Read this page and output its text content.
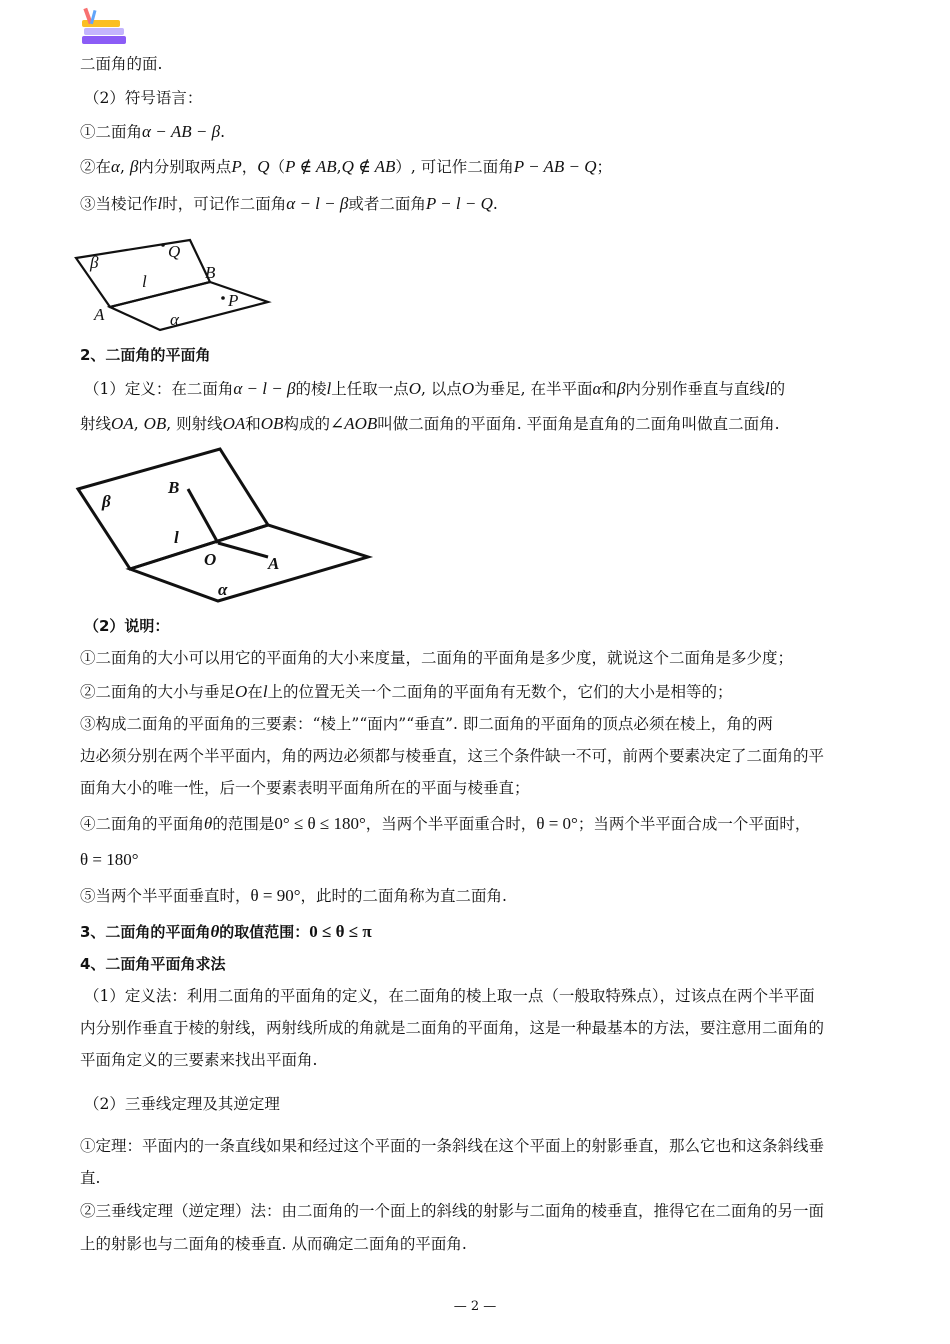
二面角的面.
（2）符号语言：
①二面角α − AB − β.
②在α, β内分别取两点P，Q（P ∉ AB,Q ∉ AB）, 可记作二面角P − AB − Q；
③当棱记作l时，可记作二面角α − l − β或者二面角P − l − Q.
β
Q
B
l
P
A	α
2、二面角的平面角
（1）定义：在二面角α − l − β的棱l上任取一点O, 以点O为垂足, 在半平面α和β内分别作垂直与直线l的
射线OA, OB, 则射线OA和OB构成的∠AOB叫做二面角的平面角. 平面角是直角的二面角叫做直二面角.
β
B
l
O	A
α
（2）说明：
①二面角的大小可以用它的平面角的大小来度量，二面角的平面角是多少度，就说这个二面角是多少度；
②二面角的大小与垂足O在l上的位置无关一个二面角的平面角有无数个，它们的大小是相等的；
③构成二面角的平面角的三要素：“棱上”“面内”“垂直”. 即二面角的平面角的顶点必须在棱上，角的两
边必须分别在两个半平面内，角的两边必须都与棱垂直，这三个条件缺一不可，前两个要素决定了二面角的平
面角大小的唯一性，后一个要素表明平面角所在的平面与棱垂直；
④二面角的平面角θ的范围是0° ≤ θ ≤ 180°，当两个半平面重合时，θ = 0°；当两个半平面合成一个平面时，
θ = 180°
⑤当两个半平面垂直时，θ = 90°，此时的二面角称为直二面角.
3、二面角的平面角θ的取值范围：0 ≤ θ ≤ π
4、二面角平面角求法
（1）定义法：利用二面角的平面角的定义，在二面角的棱上取一点（一般取特殊点），过该点在两个半平面
内分别作垂直于棱的射线，两射线所成的角就是二面角的平面角，这是一种最基本的方法，要注意用二面角的
平面角定义的三要素来找出平面角.
（2）三垂线定理及其逆定理
①定理：平面内的一条直线如果和经过这个平面的一条斜线在这个平面上的射影垂直，那么它也和这条斜线垂
直.
②三垂线定理（逆定理）法：由二面角的一个面上的斜线的射影与二面角的棱垂直，推得它在二面角的另一面
上的射影也与二面角的棱垂直. 从而确定二面角的平面角.
— 2 —
